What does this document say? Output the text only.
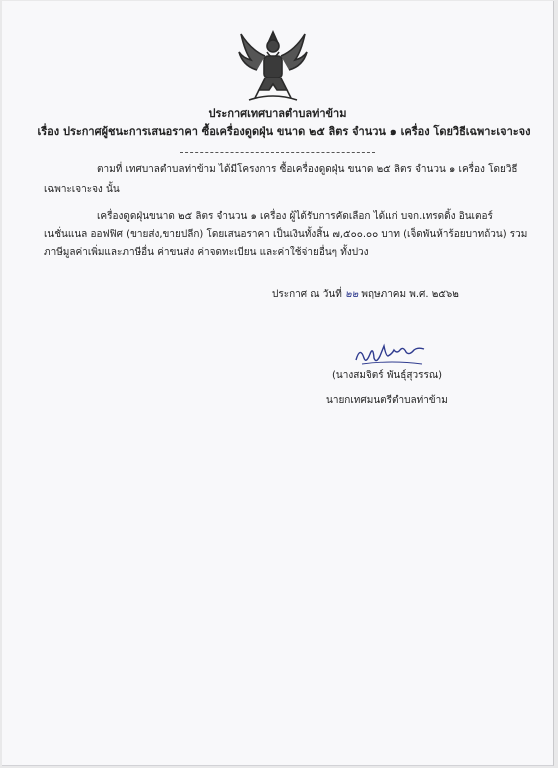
ประกาศเทศบาลตำบลท่าข้าม
เรื่อง ประกาศผู้ชนะการเสนอราคา ซื้อเครื่องดูดฝุ่น ขนาด ๒๕ ลิตร จำนวน ๑ เครื่อง โดยวิธีเฉพาะเจาะจง
ตามที่ เทศบาลตำบลท่าข้าม ได้มีโครงการ ซื้อเครื่องดูดฝุ่น ขนาด ๒๕ ลิตร จำนวน ๑ เครื่อง โดยวิธี
เฉพาะเจาะจง นั้น
เครื่องดูดฝุ่นขนาด ๒๕ ลิตร จำนวน ๑ เครื่อง ผู้ได้รับการคัดเลือก ได้แก่ บจก.เทรดดิ้ง อินเตอร์
เนชั่นแนล ออฟฟิศ (ขายส่ง,ขายปลีก) โดยเสนอราคา เป็นเงินทั้งสิ้น ๗,๕๐๐.๐๐ บาท (เจ็ดพันห้าร้อยบาทถ้วน) รวม
ภาษีมูลค่าเพิ่มและภาษีอื่น ค่าขนส่ง ค่าจดทะเบียน และค่าใช้จ่ายอื่นๆ ทั้งปวง
ประกาศ ณ วันที่ ๒๒ พฤษภาคม พ.ศ. ๒๕๖๒
(นางสมจิตร์ พันธุ์สุวรรณ)
นายกเทศมนตรีตำบลท่าข้าม
